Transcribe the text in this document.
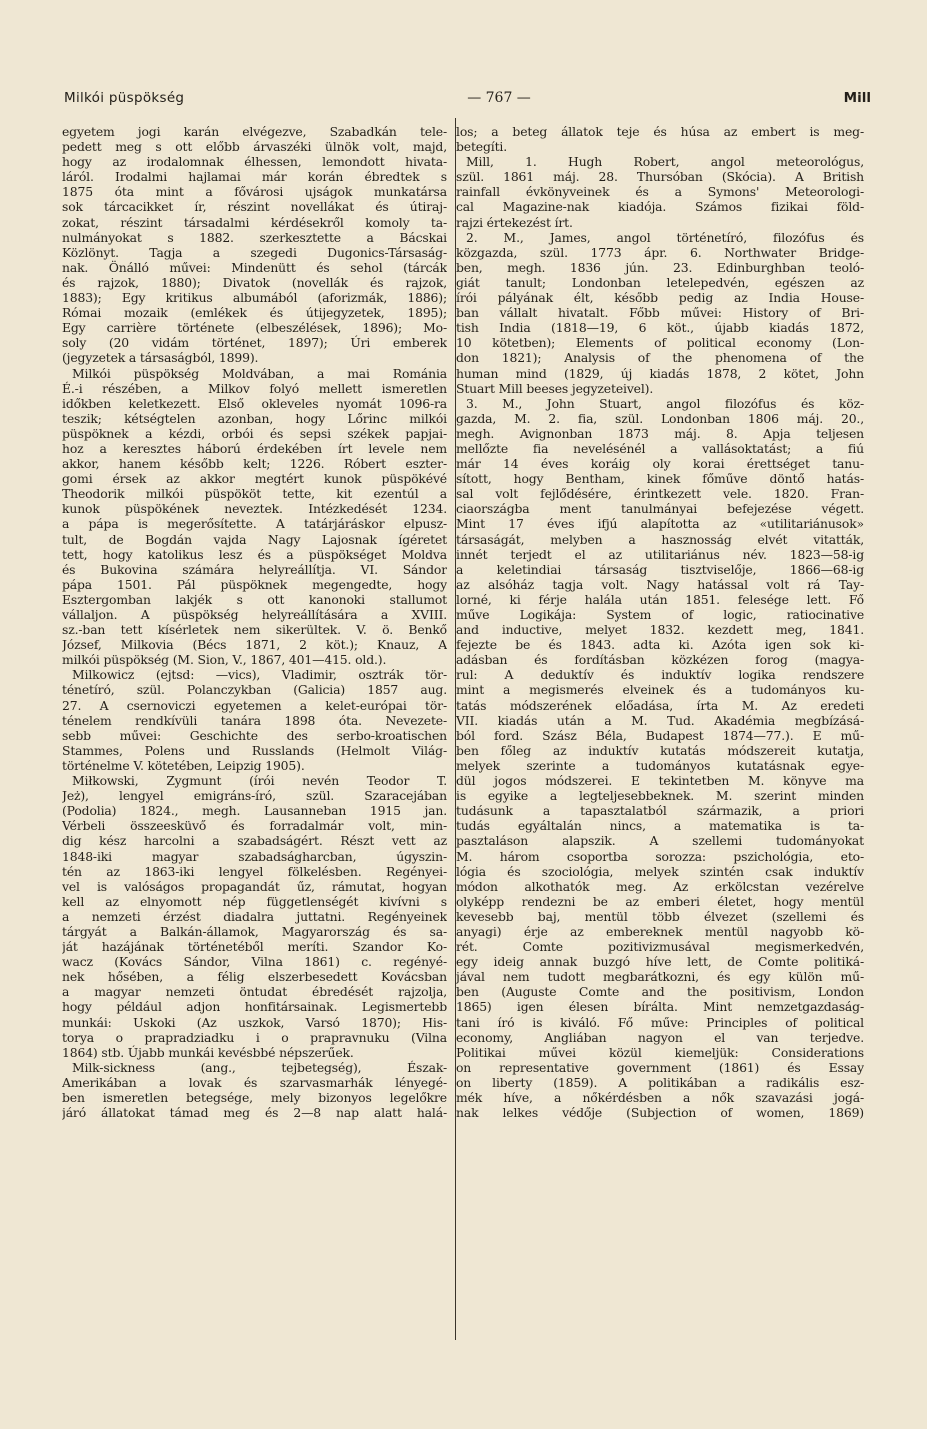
Milkói püspökség	— 767 —	Mill
egyetem jogi karán elvégezve, Szabadkán tele-
pedett meg s ott előbb árvaszéki ülnök volt, majd,
hogy az irodalomnak élhessen, lemondott hivata-
láról. Irodalmi hajlamai már korán ébredtek s
1875 óta mint a fővárosi ujságok munkatársa
sok tárcacikket ír, részint novellákat és útiraj-
zokat, részint társadalmi kérdésekről komoly ta-
nulmányokat s 1882. szerkesztette a Bácskai
Közlönyt. Tagja a szegedi Dugonics-Társaság-
nak. Önálló művei: Mindenütt és sehol (tárcák
és rajzok, 1880); Divatok (novellák és rajzok,
1883); Egy kritikus albumából (aforizmák, 1886);
Római mozaik (emlékek és útijegyzetek, 1895);
Egy carrière története (elbeszélések, 1896); Mo-
soly (20 vidám történet, 1897); Úri emberek
(jegyzetek a társaságból, 1899).
Milkói püspökség Moldvában, a mai Románia
É.-i részében, a Milkov folyó mellett ismeretlen
időkben keletkezett. Első okleveles nyomát 1096-ra
teszik; kétségtelen azonban, hogy Lőrinc milkói
püspöknek a kézdi, orbói és sepsi székek papjai-
hoz a keresztes háború érdekében írt levele nem
akkor, hanem később kelt; 1226. Róbert eszter-
gomi érsek az akkor megtért kunok püspökévé
Theodorik milkói püspököt tette, kit ezentúl a
kunok püspökének neveztek. Intézkedését 1234.
a pápa is megerősítette. A tatárjáráskor elpusz-
tult, de Bogdán vajda Nagy Lajosnak ígéretet
tett, hogy katolikus lesz és a püspökséget Moldva
és Bukovina számára helyreállítja. VI. Sándor
pápa 1501. Pál püspöknek megengedte, hogy
Esztergomban lakjék s ott kanonoki stallumot
vállaljon. A püspökség helyreállítására a XVIII.
sz.-ban tett kísérletek nem sikerültek. V. ö. Benkő
József, Milkovia (Bécs 1871, 2 köt.); Knauz, A
milkói püspökség (M. Sion, V., 1867, 401—415. old.).
Milkowicz (ejtsd: —vics), Vladimir, osztrák tör-
ténetíró, szül. Polanczykban (Galicia) 1857 aug.
27. A csernoviczi egyetemen a kelet-európai tör-
ténelem rendkívüli tanára 1898 óta. Nevezete-
sebb művei: Geschichte des serbo-kroatischen
Stammes, Polens und Russlands (Helmolt Világ-
történelme V. kötetében, Leipzig 1905).
Miłkowski, Zygmunt (írói nevén Teodor T.
Jeż), lengyel emigráns-író, szül. Szaracejában
(Podolia) 1824., megh. Lausanneban 1915 jan.
Vérbeli összeesküvő és forradalmár volt, min-
dig kész harcolni a szabadságért. Részt vett az
1848-iki magyar szabadságharcban, úgyszin-
tén az 1863-iki lengyel fölkelésben. Regényei-
vel is valóságos propagandát űz, rámutat, hogyan
kell az elnyomott nép függetlenségét kivívni s
a nemzeti érzést diadalra juttatni. Regényeinek
tárgyát a Balkán-államok, Magyarország és sa-
ját hazájának történetéből meríti. Szandor Ko-
wacz (Kovács Sándor, Vilna 1861) c. regényé-
nek hősében, a félig elszerbesedett Kovácsban
a magyar nemzeti öntudat ébredését rajzolja,
hogy például adjon honfitársainak. Legismertebb
munkái: Uskoki (Az uszkok, Varsó 1870); His-
torya o prapradziadku i o prapravnuku (Vilna
1864) stb. Újabb munkái kevésbbé népszerűek.
Milk-sickness (ang., tejbetegség), Észak-
Amerikában a lovak és szarvasmarhák lényegé-
ben ismeretlen betegsége, mely bizonyos legelőkre
járó állatokat támad meg és 2—8 nap alatt halá-
los; a beteg állatok teje és húsa az embert is meg-
betegíti.
Mill, 1. Hugh Robert, angol meteorológus,
szül. 1861 máj. 28. Thursóban (Skócia). A British
rainfall évkönyveinek és a Symons' Meteorologi-
cal Magazine-nak kiadója. Számos fizikai föld-
rajzi értekezést írt.
2. M., James, angol történetíró, filozófus és
közgazda, szül. 1773 ápr. 6. Northwater Bridge-
ben, megh. 1836 jún. 23. Edinburghban teoló-
giát tanult; Londonban letelepedvén, egészen az
írói pályának élt, később pedig az India House-
ban vállalt hivatalt. Főbb művei: History of Bri-
tish India (1818—19, 6 köt., újabb kiadás 1872,
10 kötetben); Elements of political economy (Lon-
don 1821); Analysis of the phenomena of the
human mind (1829, új kiadás 1878, 2 kötet, John
Stuart Mill beeses jegyzeteivel).
3. M., John Stuart, angol filozófus és köz-
gazda, M. 2. fia, szül. Londonban 1806 máj. 20.,
megh. Avignonban 1873 máj. 8. Apja teljesen
mellőzte fia nevelésénél a vallásoktatást; a fiú
már 14 éves koráig oly korai érettséget tanu-
sított, hogy Bentham, kinek főműve döntő hatás-
sal volt fejlődésére, érintkezett vele. 1820. Fran-
ciaországba ment tanulmányai befejezése végett.
Mint 17 éves ifjú alapította az «utilitariánusok»
társaságát, melyben a hasznosság elvét vitatták,
innét terjedt el az utilitariánus név. 1823—58-ig
a keletindiai társaság tisztviselője, 1866—68-ig
az alsóház tagja volt. Nagy hatással volt rá Tay-
lorné, ki férje halála után 1851. felesége lett. Fő
műve Logikája: System of logic, ratiocinative
and inductive, melyet 1832. kezdett meg, 1841.
fejezte be és 1843. adta ki. Azóta igen sok ki-
adásban és fordításban közkézen forog (magya-
rul: A deduktív és induktív logika rendszere
mint a megismerés elveinek és a tudományos ku-
tatás módszerének előadása, írta M. Az eredeti
VII. kiadás után a M. Tud. Akadémia megbízásá-
ból ford. Szász Béla, Budapest 1874—77.). E mű-
ben főleg az induktív kutatás módszereit kutatja,
melyek szerinte a tudományos kutatásnak egye-
dül jogos módszerei. E tekintetben M. könyve ma
is egyike a legteljesebbeknek. M. szerint minden
tudásunk a tapasztalatból származik, a priori
tudás egyáltalán nincs, a matematika is ta-
pasztaláson alapszik. A szellemi tudományokat
M. három csoportba sorozza: pszichológia, eto-
lógia és szociológia, melyek szintén csak induktív
módon alkothatók meg. Az erkölcstan vezérelve
olyképp rendezni be az emberi életet, hogy mentül
kevesebb baj, mentül több élvezet (szellemi és
anyagi) érje az embereknek mentül nagyobb kö-
rét. Comte pozitivizmusával megismerkedvén,
egy ideig annak buzgó híve lett, de Comte politiká-
jával nem tudott megbarátkozni, és egy külön mű-
ben (Auguste Comte and the positivism, London
1865) igen élesen bírálta. Mint nemzetgazdaság-
tani író is kiváló. Fő műve: Principles of political
economy, Angliában nagyon el van terjedve.
Politikai művei közül kiemeljük: Considerations
on representative government (1861) és Essay
on liberty (1859). A politikában a radikális esz-
mék híve, a nőkérdésben a nők szavazási jogá-
nak lelkes védője (Subjection of women, 1869)
